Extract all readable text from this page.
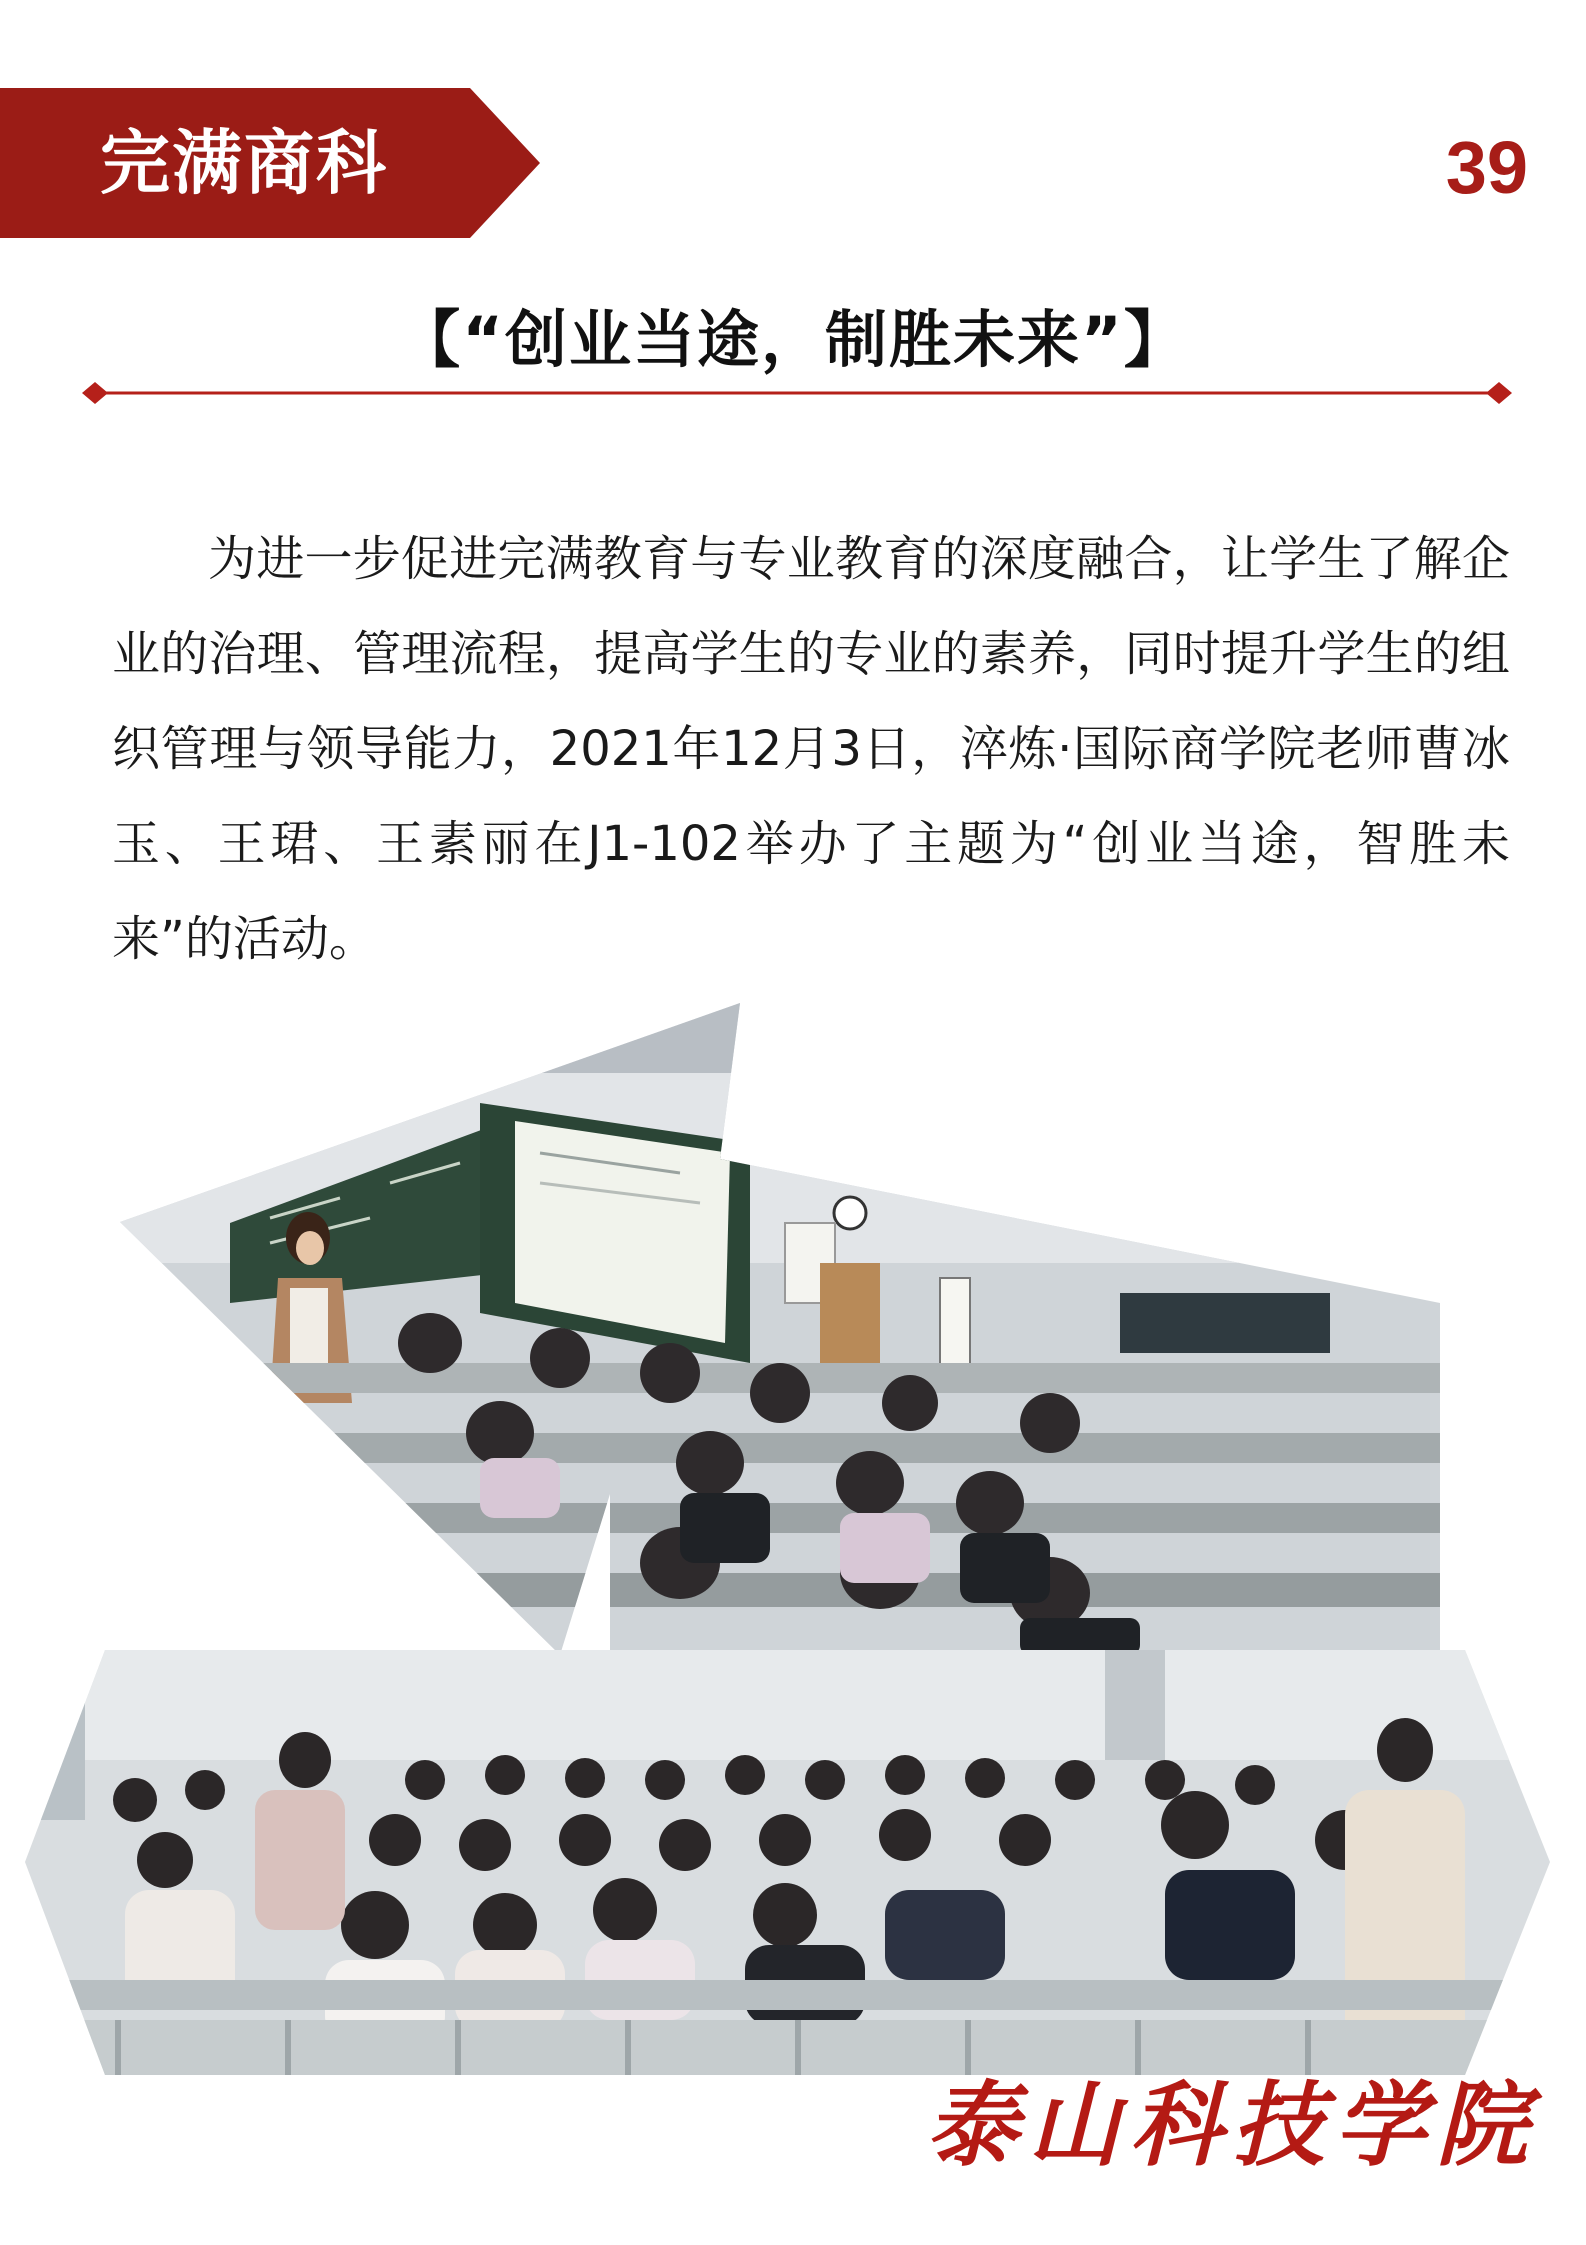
完满商科	39
【“创业当途，制胜未来”】

为进一步促进完满教育与专业教育的深度融合，让学生了解企业的治理、管理流程，提高学生的专业的素养，同时提升学生的组织管理与领导能力，2021年12月3日，淬炼·国际商学院老师曹冰玉、王珺、王素丽在J1-102举办了主题为“创业当途，智胜未来”的活动。

泰山科技学院
